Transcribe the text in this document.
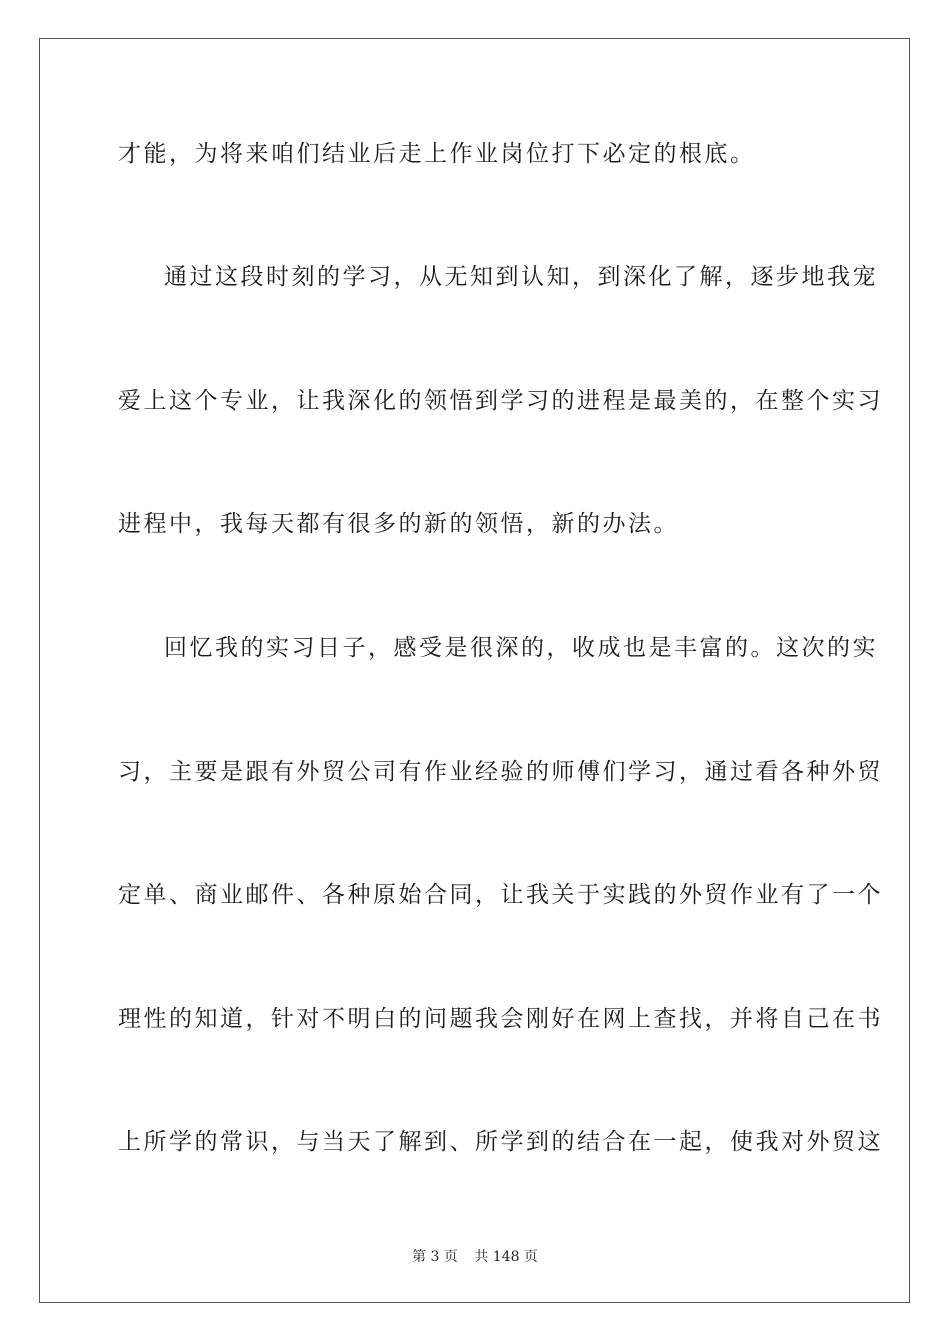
才能，为将来咱们结业后走上作业岗位打下必定的根底。
通过这段时刻的学习，从无知到认知，到深化了解，逐步地我宠
爱上这个专业，让我深化的领悟到学习的进程是最美的，在整个实习
进程中，我每天都有很多的新的领悟，新的办法。
回忆我的实习日子，感受是很深的，收成也是丰富的。这次的实
习，主要是跟有外贸公司有作业经验的师傅们学习，通过看各种外贸
定单、商业邮件、各种原始合同，让我关于实践的外贸作业有了一个
理性的知道，针对不明白的问题我会刚好在网上查找，并将自己在书
上所学的常识，与当天了解到、所学到的结合在一起，使我对外贸这
第 3 页 共 148 页
